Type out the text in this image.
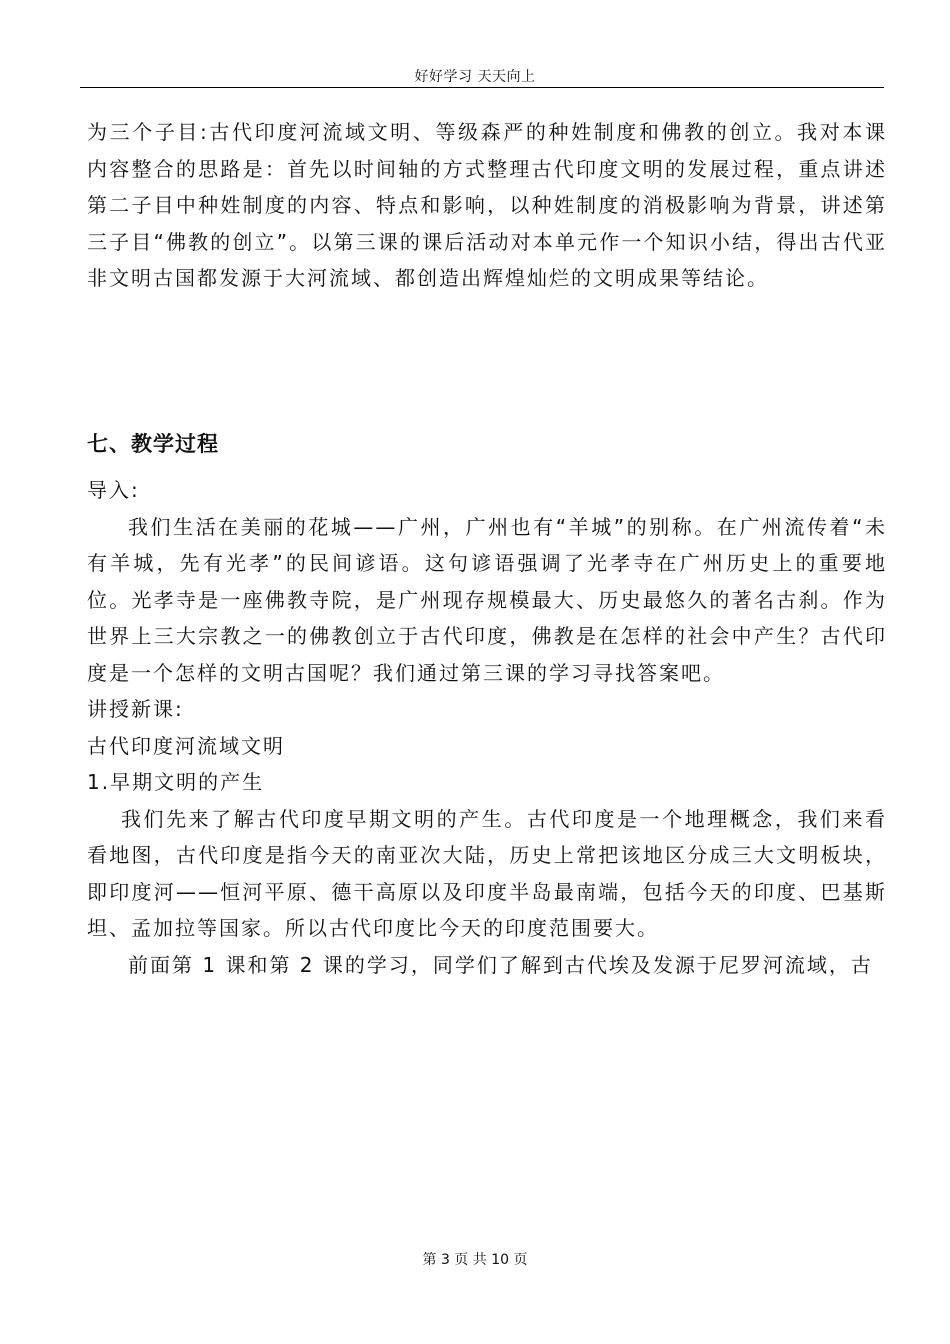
好好学习 天天向上

为三个子目:古代印度河流域文明、等级森严的种姓制度和佛教的创立。我对本课内容整合的思路是：首先以时间轴的方式整理古代印度文明的发展过程，重点讲述第二子目中种姓制度的内容、特点和影响，以种姓制度的消极影响为背景，讲述第三子目“佛教的创立”。以第三课的课后活动对本单元作一个知识小结，得出古代亚非文明古国都发源于大河流域、都创造出辉煌灿烂的文明成果等结论。

七、教学过程

导入:

我们生活在美丽的花城——广州，广州也有“羊城”的别称。在广州流传着“未有羊城，先有光孝”的民间谚语。这句谚语强调了光孝寺在广州历史上的重要地位。光孝寺是一座佛教寺院，是广州现存规模最大、历史最悠久的著名古刹。作为世界上三大宗教之一的佛教创立于古代印度，佛教是在怎样的社会中产生？古代印度是一个怎样的文明古国呢？我们通过第三课的学习寻找答案吧。

讲授新课:

古代印度河流域文明

1.早期文明的产生

我们先来了解古代印度早期文明的产生。古代印度是一个地理概念，我们来看看地图，古代印度是指今天的南亚次大陆，历史上常把该地区分成三大文明板块，即印度河——恒河平原、德干高原以及印度半岛最南端，包括今天的印度、巴基斯坦、孟加拉等国家。所以古代印度比今天的印度范围要大。

前面第 1 课和第 2 课的学习，同学们了解到古代埃及发源于尼罗河流域，古

第 3 页 共 10 页
